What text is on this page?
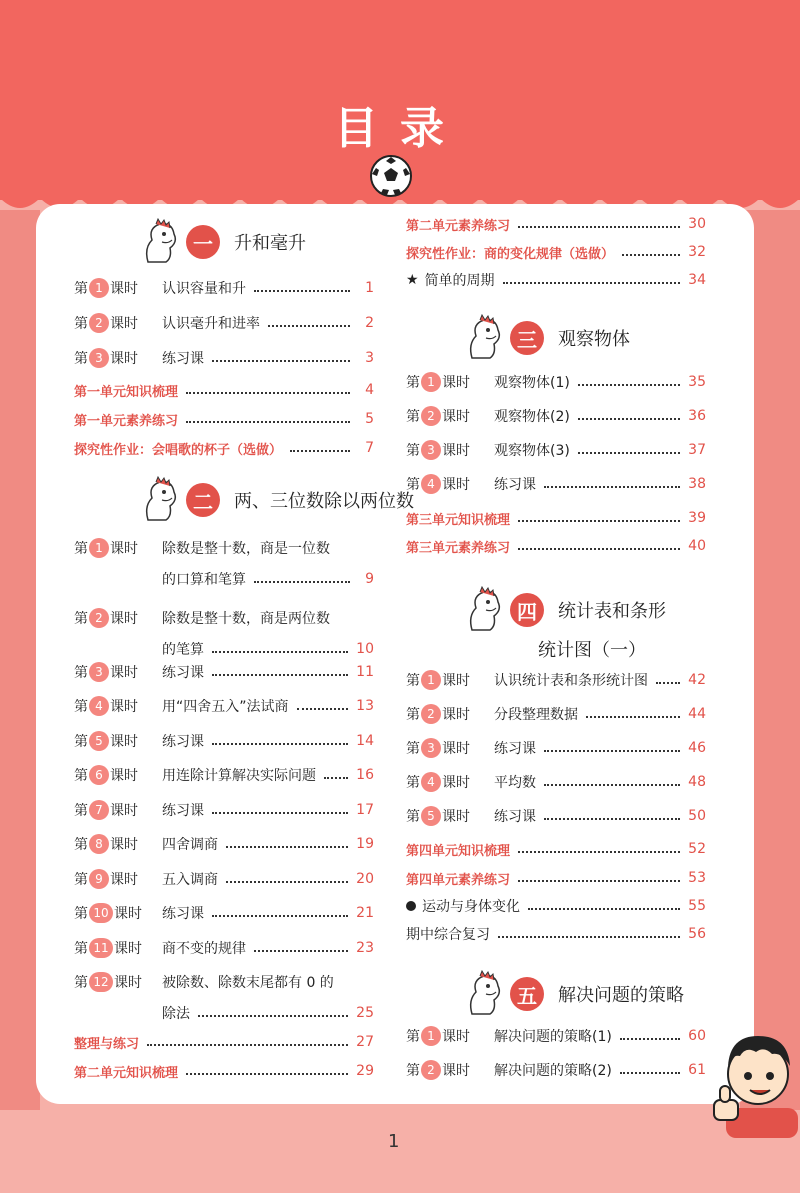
目录
一	升和毫升
第 1 课时 认识容量和升	1
第 2 课时 认识毫升和进率	2
第 3 课时 练习课	3
第一单元知识梳理	4
第一单元素养练习	5
探究性作业：会唱歌的杯子（选做）	7
二	两、三位数除以两位数
第 1 课时 除数是整十数，商是一位数
的口算和笔算	9
第 2 课时 除数是整十数，商是两位数
的笔算	10
第 3 课时 练习课	11
第 4 课时 用“四舍五入”法试商	13
第 5 课时 练习课	14
第 6 课时 用连除计算解决实际问题	16
第 7 课时 练习课	17
第 8 课时 四舍调商	19
第 9 课时 五入调商	20
第 10 课时 练习课	21
第 11 课时 商不变的规律	23
第 12 课时 被除数、除数末尾都有 0 的
除法	25
整理与练习	27
第二单元知识梳理	29
第二单元素养练习	30
探究性作业：商的变化规律（选做）	32
★ 简单的周期	34
三	观察物体
第 1 课时 观察物体(1)	35
第 2 课时 观察物体(2)	36
第 3 课时 观察物体(3)	37
第 4 课时 练习课	38
第三单元知识梳理	39
第三单元素养练习	40
四	统计表和条形
统计图（一）
第 1 课时 认识统计表和条形统计图	42
第 2 课时 分段整理数据	44
第 3 课时 练习课	46
第 4 课时 平均数	48
第 5 课时 练习课	50
第四单元知识梳理	52
第四单元素养练习	53
运动与身体变化	55
期中综合复习	56
五	解决问题的策略
第 1 课时 解决问题的策略(1)	60
第 2 课时 解决问题的策略(2)	61
1
